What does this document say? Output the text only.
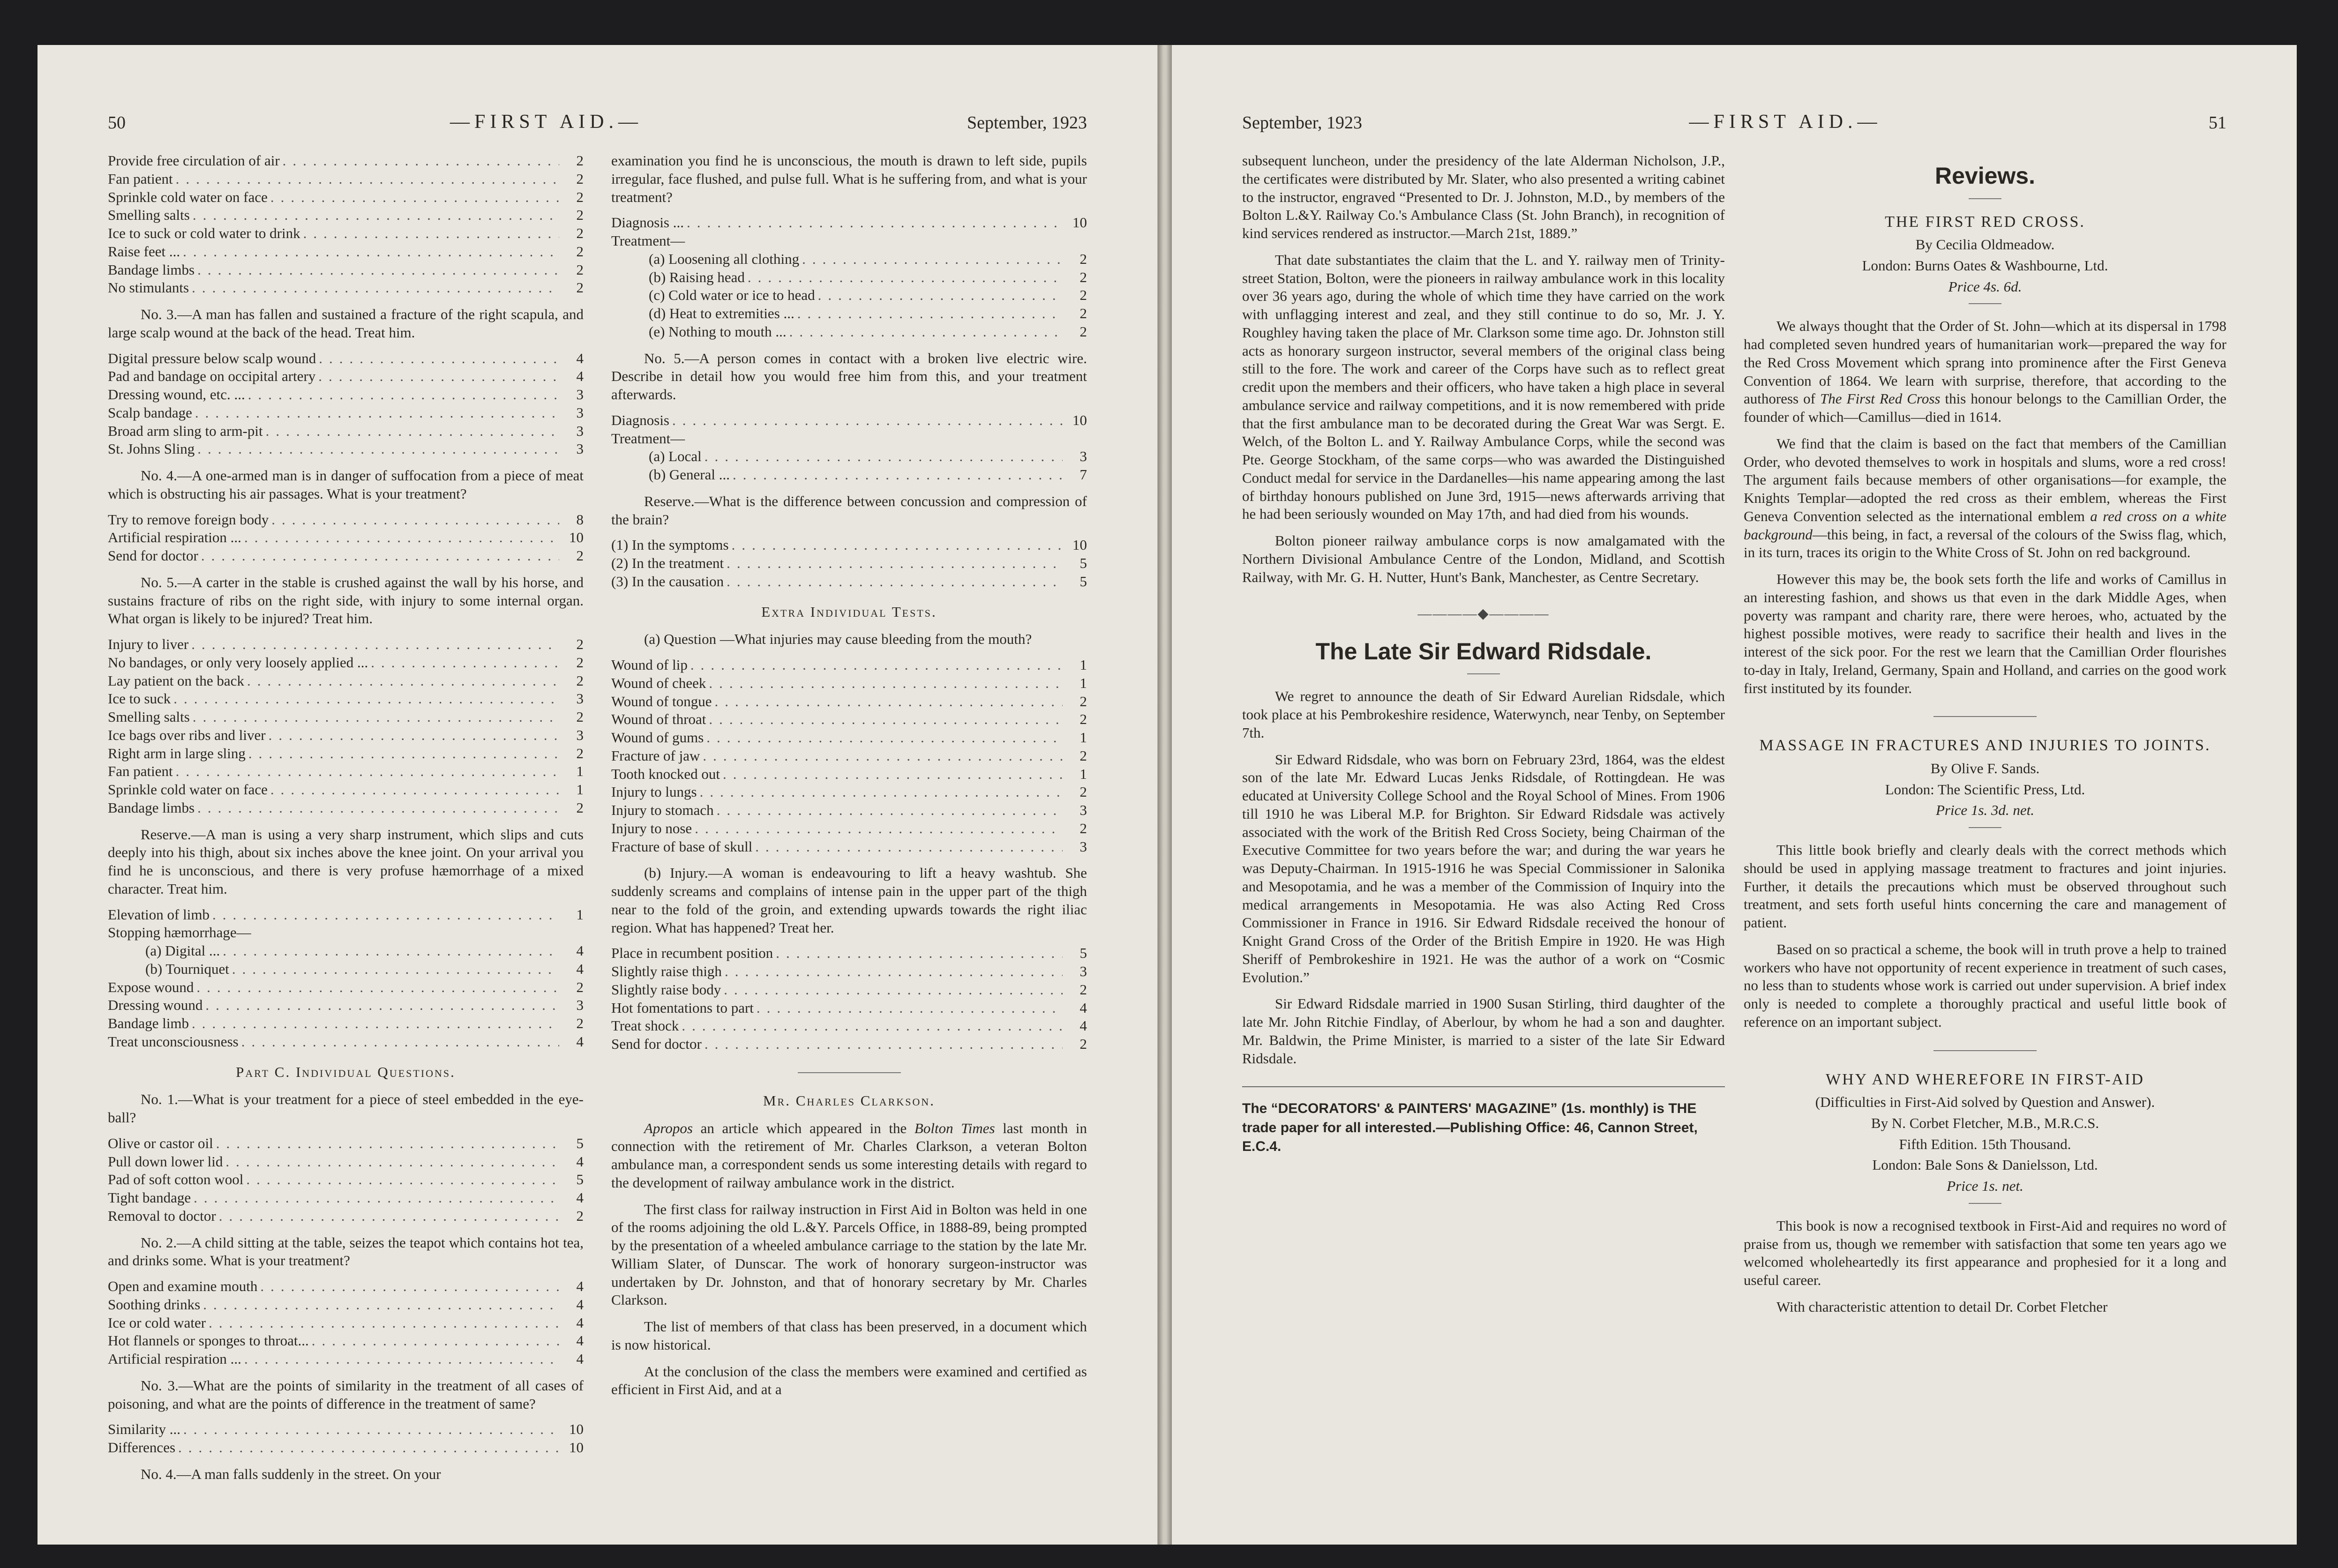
50	—FIRST AID.—	September, 1923
Provide free circulation of air .....	2
Fan patient .....	2
Sprinkle cold water on face .....	2
Smelling salts .....	2
Ice to suck or cold water to drink .....	2
Raise feet ... .....	2
Bandage limbs .....	2
No stimulants .....	2

No. 3.—A man has fallen and sustained a fracture of the right scapula, and large scalp wound at the back of the head. Treat him.

Digital pressure below scalp wound .....	4
Pad and bandage on occipital artery .....	4
Dressing wound, etc. ... .....	3
Scalp bandage .....	3
Broad arm sling to arm-pit .....	3
St. Johns Sling .....	3

No. 4.—A one-armed man is in danger of suffocation from a piece of meat which is obstructing his air passages. What is your treatment?

Try to remove foreign body .....	8
Artificial respiration ... .....	10
Send for doctor .....	2

No. 5.—A carter in the stable is crushed against the wall by his horse, and sustains fracture of ribs on the right side, with injury to some internal organ. What organ is likely to be injured? Treat him.

Injury to liver .....	2
No bandages, or only very loosely applied ... .....	2
Lay patient on the back .....	2
Ice to suck .....	3
Smelling salts .....	2
Ice bags over ribs and liver .....	3
Right arm in large sling .....	2
Fan patient .....	1
Sprinkle cold water on face .....	1
Bandage limbs .....	2

Reserve.—A man is using a very sharp instrument, which slips and cuts deeply into his thigh, about six inches above the knee joint. On your arrival you find he is unconscious, and there is very profuse hæmorrhage of a mixed character. Treat him.

Elevation of limb .....	1
Stopping hæmorrhage—
(a) Digital ... .....	4
(b) Tourniquet .....	4
Expose wound .....	2
Dressing wound .....	3
Bandage limb .....	2
Treat unconsciousness .....	4
Part C. Individual Questions.

No. 1.—What is your treatment for a piece of steel embedded in the eye-ball?

Olive or castor oil .....	5
Pull down lower lid .....	4
Pad of soft cotton wool .....	5
Tight bandage .....	4
Removal to doctor .....	2

No. 2.—A child sitting at the table, seizes the teapot which contains hot tea, and drinks some. What is your treatment?

Open and examine mouth .....	4
Soothing drinks .....	4
Ice or cold water .....	4
Hot flannels or sponges to throat... .....	4
Artificial respiration ... .....	4

No. 3.—What are the points of similarity in the treatment of all cases of poisoning, and what are the points of difference in the treatment of same?

Similarity ... .....	10
Differences .....	10

No. 4.—A man falls suddenly in the street. On your

examination you find he is unconscious, the mouth is drawn to left side, pupils irregular, face flushed, and pulse full. What is he suffering from, and what is your treatment?

Diagnosis ... .....	10
Treatment—
(a) Loosening all clothing .....	2
(b) Raising head .....	2
(c) Cold water or ice to head .....	2
(d) Heat to extremities ... .....	2
(e) Nothing to mouth ... .....	2

No. 5.—A person comes in contact with a broken live electric wire. Describe in detail how you would free him from this, and your treatment afterwards.

Diagnosis .....	10
Treatment—
(a) Local .....	3
(b) General ... .....	7

Reserve.—What is the difference between concussion and compression of the brain?

(1) In the symptoms .....	10
(2) In the treatment .....	5
(3) In the causation .....	5
Extra Individual Tests.

(a) Question —What injuries may cause bleeding from the mouth?

Wound of lip .....	1
Wound of cheek .....	1
Wound of tongue .....	2
Wound of throat .....	2
Wound of gums .....	1
Fracture of jaw .....	2
Tooth knocked out .....	1
Injury to lungs .....	2
Injury to stomach .....	3
Injury to nose .....	2
Fracture of base of skull .....	3

(b) Injury.—A woman is endeavouring to lift a heavy washtub. She suddenly screams and complains of intense pain in the upper part of the thigh near to the fold of the groin, and extending upwards towards the right iliac region. What has happened? Treat her.

Place in recumbent position .....	5
Slightly raise thigh .....	3
Slightly raise body .....	2
Hot fomentations to part .....	4
Treat shock .....	4
Send for doctor .....	2
Mr. Charles Clarkson.

Apropos an article which appeared in the Bolton Times last month in connection with the retirement of Mr. Charles Clarkson, a veteran Bolton ambulance man, a correspondent sends us some interesting details with regard to the development of railway ambulance work in the district.

The first class for railway instruction in First Aid in Bolton was held in one of the rooms adjoining the old L.&Y. Parcels Office, in 1888-89, being prompted by the presentation of a wheeled ambulance carriage to the station by the late Mr. William Slater, of Dunscar. The work of honorary surgeon-instructor was undertaken by Dr. Johnston, and that of honorary secretary by Mr. Charles Clarkson.

The list of members of that class has been preserved, in a document which is now historical.

At the conclusion of the class the members were examined and certified as efficient in First Aid, and at a

September, 1923	—FIRST AID.—	51

subsequent luncheon, under the presidency of the late Alderman Nicholson, J.P., the certificates were distributed by Mr. Slater, who also presented a writing cabinet to the instructor, engraved “Presented to Dr. J. Johnston, M.D., by members of the Bolton L.&Y. Railway Co.'s Ambulance Class (St. John Branch), in recognition of kind services rendered as instructor.—March 21st, 1889.”

That date substantiates the claim that the L. and Y. railway men of Trinity-street Station, Bolton, were the pioneers in railway ambulance work in this locality over 36 years ago, during the whole of which time they have carried on the work with unflagging interest and zeal, and they still continue to do so, Mr. J. Y. Roughley having taken the place of Mr. Clarkson some time ago. Dr. Johnston still acts as honorary surgeon instructor, several members of the original class being still to the fore. The work and career of the Corps have such as to reflect great credit upon the members and their officers, who have taken a high place in several ambulance service and railway competitions, and it is now remembered with pride that the first ambulance man to be decorated during the Great War was Sergt. E. Welch, of the Bolton L. and Y. Railway Ambulance Corps, while the second was Pte. George Stockham, of the same corps—who was awarded the Distinguished Conduct medal for service in the Dardanelles—his name appearing among the last of birthday honours published on June 3rd, 1915—news afterwards arriving that he had been seriously wounded on May 17th, and had died from his wounds.

Bolton pioneer railway ambulance corps is now amalgamated with the Northern Divisional Ambulance Centre of the London, Midland, and Scottish Railway, with Mr. G. H. Nutter, Hunt's Bank, Manchester, as Centre Secretary.

————◆————
The Late Sir Edward Ridsdale.

We regret to announce the death of Sir Edward Aurelian Ridsdale, which took place at his Pembrokeshire residence, Waterwynch, near Tenby, on September 7th.

Sir Edward Ridsdale, who was born on February 23rd, 1864, was the eldest son of the late Mr. Edward Lucas Jenks Ridsdale, of Rottingdean. He was educated at University College School and the Royal School of Mines. From 1906 till 1910 he was Liberal M.P. for Brighton. Sir Edward Ridsdale was actively associated with the work of the British Red Cross Society, being Chairman of the Executive Committee for two years before the war; and during the war years he was Deputy-Chairman. In 1915-1916 he was Special Commissioner in Salonika and Mesopotamia, and he was a member of the Commission of Inquiry into the medical arrangements in Mesopotamia. He was also Acting Red Cross Commissioner in France in 1916. Sir Edward Ridsdale received the honour of Knight Grand Cross of the Order of the British Empire in 1920. He was High Sheriff of Pembrokeshire in 1921. He was the author of a work on “Cosmic Evolution.”

Sir Edward Ridsdale married in 1900 Susan Stirling, third daughter of the late Mr. John Ritchie Findlay, of Aberlour, by whom he had a son and daughter. Mr. Baldwin, the Prime Minister, is married to a sister of the late Sir Edward Ridsdale.

The “DECORATORS' & PAINTERS' MAGAZINE” (1s. monthly) is THE trade paper for all interested.—Publishing Office: 46, Cannon Street, E.C.4.
Reviews.
THE FIRST RED CROSS.
By Cecilia Oldmeadow.
London: Burns Oates & Washbourne, Ltd.
Price 4s. 6d.

We always thought that the Order of St. John—which at its dispersal in 1798 had completed seven hundred years of humanitarian work—prepared the way for the Red Cross Movement which sprang into prominence after the First Geneva Convention of 1864. We learn with surprise, therefore, that according to the authoress of The First Red Cross this honour belongs to the Camillian Order, the founder of which—Camillus—died in 1614.

We find that the claim is based on the fact that members of the Camillian Order, who devoted themselves to work in hospitals and slums, wore a red cross! The argument fails because members of other organisations—for example, the Knights Templar—adopted the red cross as their emblem, whereas the First Geneva Convention selected as the international emblem a red cross on a white background—this being, in fact, a reversal of the colours of the Swiss flag, which, in its turn, traces its origin to the White Cross of St. John on red background.

However this may be, the book sets forth the life and works of Camillus in an interesting fashion, and shows us that even in the dark Middle Ages, when poverty was rampant and charity rare, there were heroes, who, actuated by the highest possible motives, were ready to sacrifice their health and lives in the interest of the sick poor. For the rest we learn that the Camillian Order flourishes to-day in Italy, Ireland, Germany, Spain and Holland, and carries on the good work first instituted by its founder.

MASSAGE IN FRACTURES AND INJURIES TO JOINTS.
By Olive F. Sands.
London: The Scientific Press, Ltd.
Price 1s. 3d. net.

This little book briefly and clearly deals with the correct methods which should be used in applying massage treatment to fractures and joint injuries. Further, it details the precautions which must be observed throughout such treatment, and sets forth useful hints concerning the care and management of patient.

Based on so practical a scheme, the book will in truth prove a help to trained workers who have not opportunity of recent experience in treatment of such cases, no less than to students whose work is carried out under supervision. A brief index only is needed to complete a thoroughly practical and useful little book of reference on an important subject.

WHY AND WHEREFORE IN FIRST-AID
(Difficulties in First-Aid solved by Question and Answer).
By N. Corbet Fletcher, M.B., M.R.C.S.
Fifth Edition. 15th Thousand.
London: Bale Sons & Danielsson, Ltd.
Price 1s. net.

This book is now a recognised textbook in First-Aid and requires no word of praise from us, though we remember with satisfaction that some ten years ago we welcomed wholeheartedly its first appearance and prophesied for it a long and useful career.

With characteristic attention to detail Dr. Corbet Fletcher
